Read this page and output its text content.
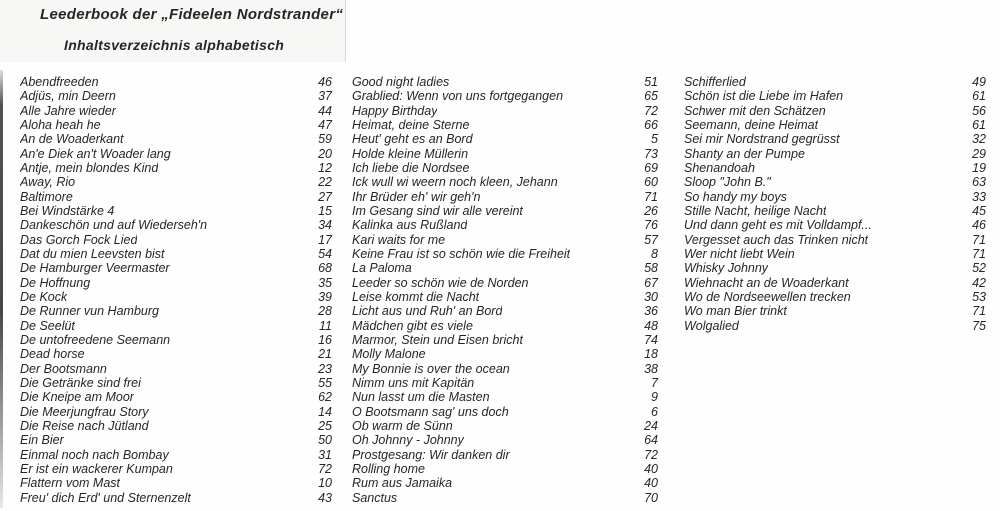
Leederbook der „Fideelen Nordstrander“
Inhaltsverzeichnis alphabetisch
Abendfreeden	46
Adjüs, min Deern	37
Alle Jahre wieder	44
Aloha heah he	47
An de Woaderkant	59
An'e Diek an't Woader lang	20
Antje, mein blondes Kind	12
Away, Rio	22
Baltimore	27
Bei Windstärke 4	15
Dankeschön und auf Wiederseh'n	34
Das Gorch Fock Lied	17
Dat du mien Leevsten bist	54
De Hamburger Veermaster	68
De Hoffnung	35
De Kock	39
De Runner vun Hamburg	28
De Seelüt	11
De untofreedene Seemann	16
Dead horse	21
Der Bootsmann	23
Die Getränke sind frei	55
Die Kneipe am Moor	62
Die Meerjungfrau Story	14
Die Reise nach Jütland	25
Ein Bier	50
Einmal noch nach Bombay	31
Er ist ein wackerer Kumpan	72
Flattern vom Mast	10
Freu' dich Erd' und Sternenzelt	43
Good night ladies	51
Grablied: Wenn von uns fortgegangen	65
Happy Birthday	72
Heimat, deine Sterne	66
Heut' geht es an Bord	5
Holde kleine Müllerin	73
Ich liebe die Nordsee	69
Ick wull wi weern noch kleen, Jehann	60
Ihr Brüder eh' wir geh'n	71
Im Gesang sind wir alle vereint	26
Kalinka aus Rußland	76
Kari waits for me	57
Keine Frau ist so schön wie die Freiheit	8
La Paloma	58
Leeder so schön wie de Norden	67
Leise kommt die Nacht	30
Licht aus und Ruh' an Bord	36
Mädchen gibt es viele	48
Marmor, Stein und Eisen bricht	74
Molly Malone	18
My Bonnie is over the ocean	38
Nimm uns mit Kapitän	7
Nun lasst um die Masten	9
O Bootsmann sag' uns doch	6
Ob warm de Sünn	24
Oh Johnny - Johnny	64
Prostgesang: Wir danken dir	72
Rolling home	40
Rum aus Jamaika	40
Sanctus	70
Schifferlied	49
Schön ist die Liebe im Hafen	61
Schwer mit den Schätzen	56
Seemann, deine Heimat	61
Sei mir Nordstrand gegrüsst	32
Shanty an der Pumpe	29
Shenandoah	19
Sloop "John B."	63
So handy my boys	33
Stille Nacht, heilige Nacht	45
Und dann geht es mit Volldampf...	46
Vergesset auch das Trinken nicht	71
Wer nicht liebt Wein	71
Whisky Johnny	52
Wiehnacht an de Woaderkant	42
Wo de Nordseewellen trecken	53
Wo man Bier trinkt	71
Wolgalied	75
